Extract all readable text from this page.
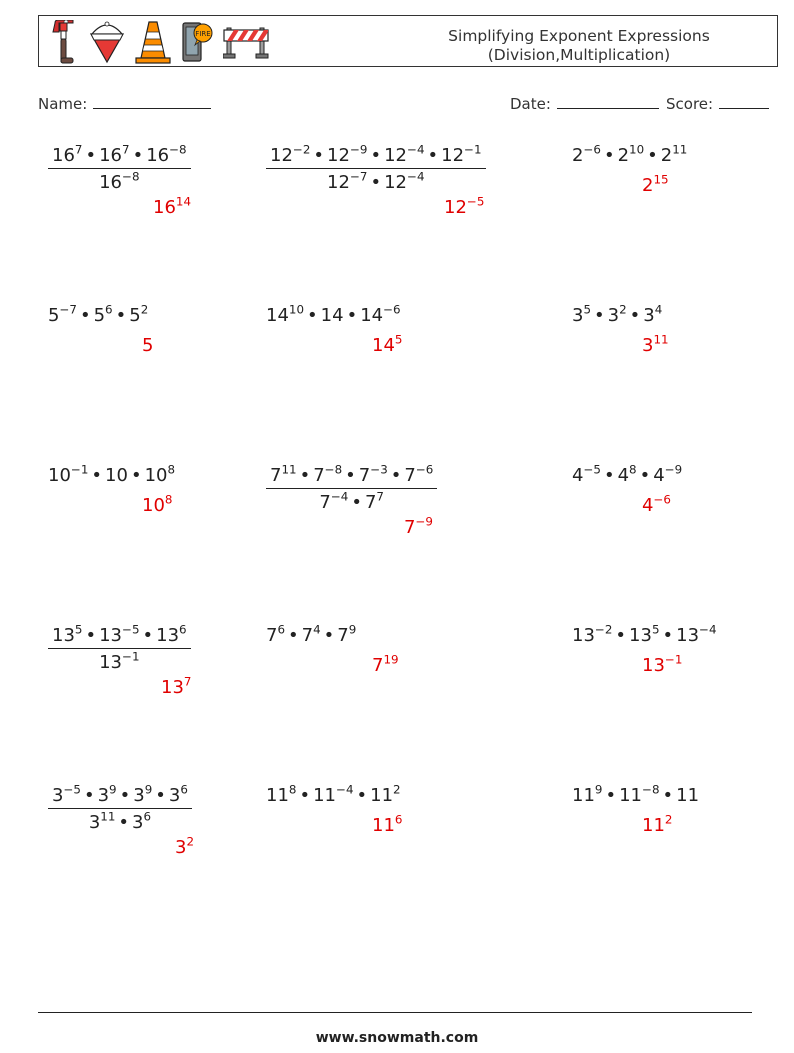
FIRE	Simplifying Exponent Expressions
(Division,Multiplication)
Name:	Date:	Score:
$\frac{16^7 • 16^7 • 16^{-8}}{16^{-8}}$
$16^{14}$
$\frac{12^{-2} • 12^{-9} • 12^{-4} • 12^{-1}}{12^{-7} • 12^{-4}}$
$12^{-5}$
$2^{-6}$ • $2^{10}$ • $2^{11}$
$2^{15}$
$5^{-7}$ • $5^6$ • $5^2$
5
$14^{10}$ • 14 • $14^{-6}$
$14^5$
$3^5$ • $3^2$ • $3^4$
$3^{11}$
$10^{-1}$ • 10 • $10^8$
$10^8$	$\frac{7^{11} • 7^{-8} • 7^{-3} • 7^{-6}}{7^{-4} • 7^7}$
$7^{-9}$
$4^{-5}$ • $4^8$ • $4^{-9}$
$4^{-6}$
$\frac{13^5 • 13^{-5} • 13^6}{13^{-1}}$
$13^7$
$7^6$ • $7^4$ • $7^9$
$7^{19}$
$13^{-2}$ • $13^5$ • $13^{-4}$
$13^{-1}$
$\frac{3^{-5} • 3^9 • 3^9 • 3^6}{3^{11} • 3^6}$
$3^2$
$11^8$ • $11^{-4}$ • $11^2$
$11^6$
$11^9$ • $11^{-8}$ • 11
$11^2$
www.snowmath.com
